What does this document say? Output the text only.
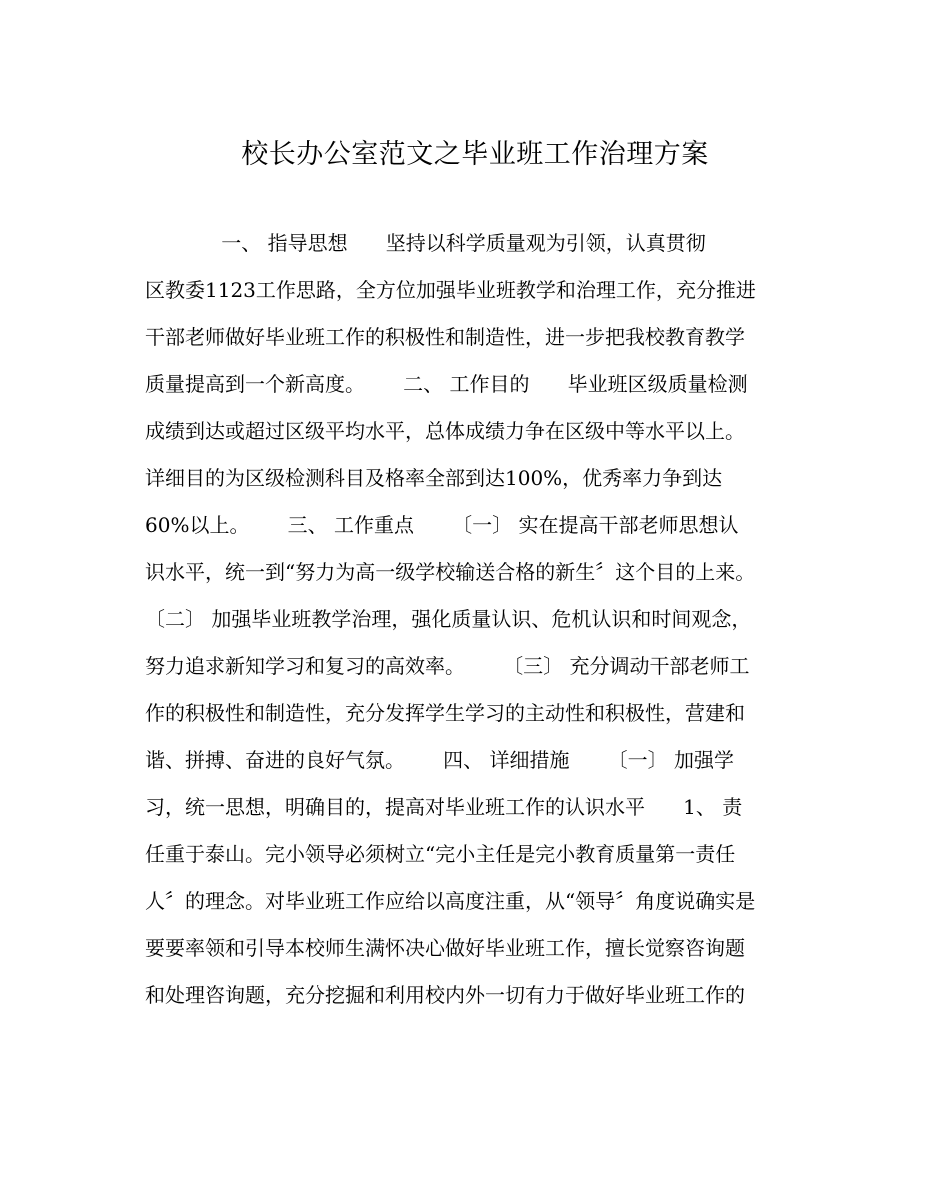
校长办公室范文之毕业班工作治理方案
一、 指导思想      坚持以科学质量观为引领，认真贯彻
区教委1123工作思路，全方位加强毕业班教学和治理工作，充分推进
干部老师做好毕业班工作的积极性和制造性，进一步把我校教育教学
质量提高到一个新高度。      二、 工作目的      毕业班区级质量检测
成绩到达或超过区级平均水平，总体成绩力争在区级中等水平以上。
详细目的为区级检测科目及格率全部到达100%，优秀率力争到达
60%以上。      三、 工作重点      〔一〕 实在提高干部老师思想认
识水平，统一到“努力为高一级学校输送合格的新生〞这个目的上来。
〔二〕 加强毕业班教学治理，强化质量认识、危机认识和时间观念，
努力追求新知学习和复习的高效率。      〔三〕 充分调动干部老师工
作的积极性和制造性，充分发挥学生学习的主动性和积极性，营建和
谐、拼搏、奋进的良好气氛。      四、 详细措施      〔一〕 加强学
习，统一思想，明确目的，提高对毕业班工作的认识水平      1、 责
任重于泰山。完小领导必须树立“完小主任是完小教育质量第一责任
人〞的理念。对毕业班工作应给以高度注重，从“领导〞角度说确实是
要要率领和引导本校师生满怀决心做好毕业班工作，擅长觉察咨询题
和处理咨询题，充分挖掘和利用校内外一切有力于做好毕业班工作的
